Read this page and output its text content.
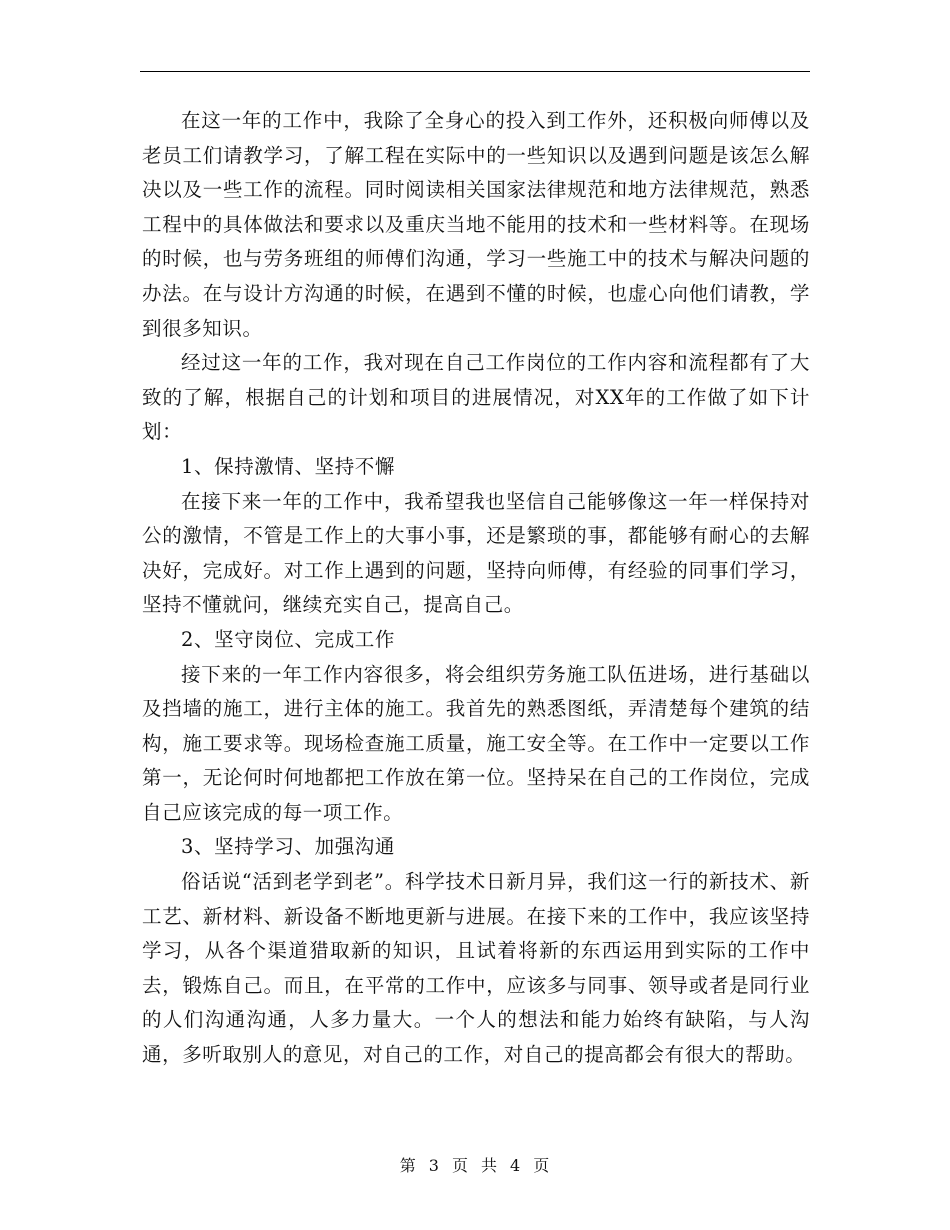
在这一年的工作中，我除了全身心的投入到工作外，还积极向师傅以及老员工们请教学习，了解工程在实际中的一些知识以及遇到问题是该怎么解决以及一些工作的流程。同时阅读相关国家法律规范和地方法律规范，熟悉工程中的具体做法和要求以及重庆当地不能用的技术和一些材料等。在现场的时候，也与劳务班组的师傅们沟通，学习一些施工中的技术与解决问题的办法。在与设计方沟通的时候，在遇到不懂的时候，也虚心向他们请教，学到很多知识。

经过这一年的工作，我对现在自己工作岗位的工作内容和流程都有了大致的了解，根据自己的计划和项目的进展情况，对XX年的工作做了如下计划：

1、保持激情、坚持不懈

在接下来一年的工作中，我希望我也坚信自己能够像这一年一样保持对公的激情，不管是工作上的大事小事，还是繁琐的事，都能够有耐心的去解决好，完成好。对工作上遇到的问题，坚持向师傅，有经验的同事们学习，坚持不懂就问，继续充实自己，提高自己。

2、坚守岗位、完成工作

接下来的一年工作内容很多，将会组织劳务施工队伍进场，进行基础以及挡墙的施工，进行主体的施工。我首先的熟悉图纸，弄清楚每个建筑的结构，施工要求等。现场检查施工质量，施工安全等。在工作中一定要以工作第一，无论何时何地都把工作放在第一位。坚持呆在自己的工作岗位，完成自己应该完成的每一项工作。

3、坚持学习、加强沟通

俗话说“活到老学到老”。科学技术日新月异，我们这一行的新技术、新工艺、新材料、新设备不断地更新与进展。在接下来的工作中，我应该坚持学习，从各个渠道猎取新的知识，且试着将新的东西运用到实际的工作中去，锻炼自己。而且，在平常的工作中，应该多与同事、领导或者是同行业的人们沟通沟通，人多力量大。一个人的想法和能力始终有缺陷，与人沟通，多听取别人的意见，对自己的工作，对自己的提高都会有很大的帮助。

第 3 页 共 4 页
